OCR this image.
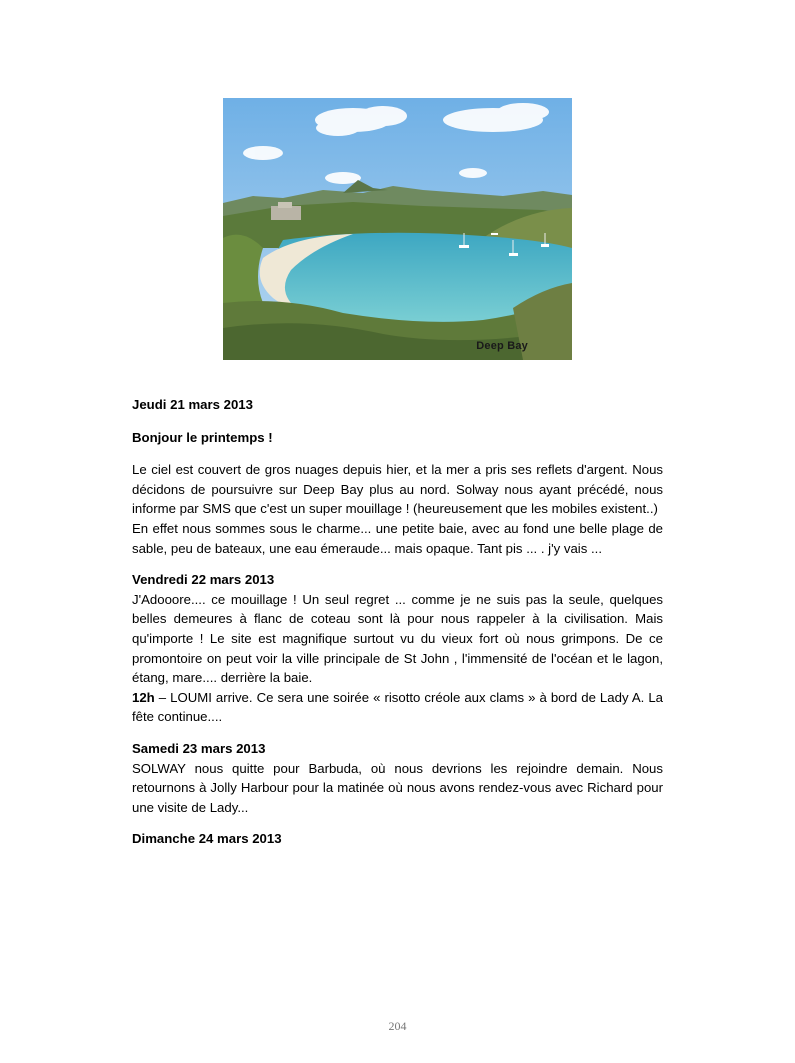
Deep Bay

Jeudi 21 mars 2013

Bonjour le printemps !

Le ciel est couvert de gros nuages depuis hier, et la mer a pris ses reflets d'argent. Nous décidons de poursuivre sur Deep Bay plus au nord. Solway nous ayant précédé, nous informe par SMS que c'est un super mouillage ! (heureusement que les mobiles existent..)

En effet nous sommes sous le charme... une petite baie, avec au fond une belle plage de sable, peu de bateaux, une eau émeraude... mais opaque. Tant pis ... . j'y vais ...

Vendredi 22 mars 2013

J'Adooore.... ce mouillage ! Un seul regret ... comme je ne suis pas la seule, quelques belles demeures à flanc de coteau sont là pour nous rappeler à la civilisation. Mais qu'importe ! Le site est magnifique surtout vu du vieux fort où nous grimpons. De ce promontoire on peut voir la ville principale de St John , l'immensité de l'océan et le lagon, étang, mare.... derrière la baie.

12h – LOUMI arrive. Ce sera une soirée « risotto créole aux clams » à bord de Lady A. La fête continue....

Samedi 23 mars 2013

SOLWAY nous quitte pour Barbuda, où nous devrions les rejoindre demain. Nous retournons à Jolly Harbour pour la matinée où nous avons rendez-vous avec Richard pour une visite de Lady...

Dimanche 24 mars 2013

204
